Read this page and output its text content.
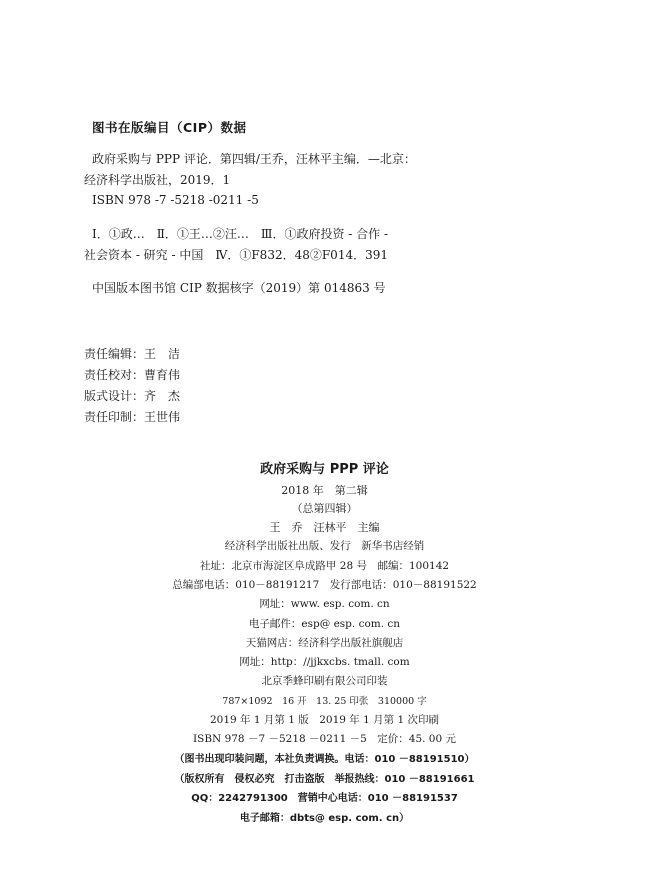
图书在版编目（CIP）数据
政府采购与 PPP 评论．第四辑/王乔，汪林平主编．—北京：
经济科学出版社，2019．1
ISBN 978 -7 -5218 -0211 -5
Ⅰ．①政…　Ⅱ．①王…②汪…　Ⅲ．①政府投资 - 合作 -
社会资本 - 研究 - 中国　Ⅳ．①F832．48②F014．391
中国版本图书馆 CIP 数据核字（2019）第 014863 号
责任编辑：王　洁
责任校对：曹育伟
版式设计：齐　杰
责任印制：王世伟
政府采购与 PPP 评论
2018 年　第二辑
（总第四辑）
王　乔　汪林平　主编
经济科学出版社出版、发行　新华书店经销
社址：北京市海淀区阜成路甲 28 号　邮编：100142
总编部电话：010－88191217　发行部电话：010－88191522
网址：www. esp. com. cn
电子邮件：esp@ esp. com. cn
天猫网店：经济科学出版社旗舰店
网址：http：//jjkxcbs. tmall. com
北京季蜂印刷有限公司印装
787×1092　16 开　13. 25 印张　310000 字
2019 年 1 月第 1 版　2019 年 1 月第 1 次印刷
ISBN 978 －7 －5218 －0211 －5　定价：45. 00 元
（图书出现印装问题，本社负责调换。电话：010 －88191510）
（版权所有　侵权必究　打击盗版　举报热线：010 －88191661
QQ：2242791300　营销中心电话：010 －88191537
电子邮箱：dbts@ esp. com. cn）
